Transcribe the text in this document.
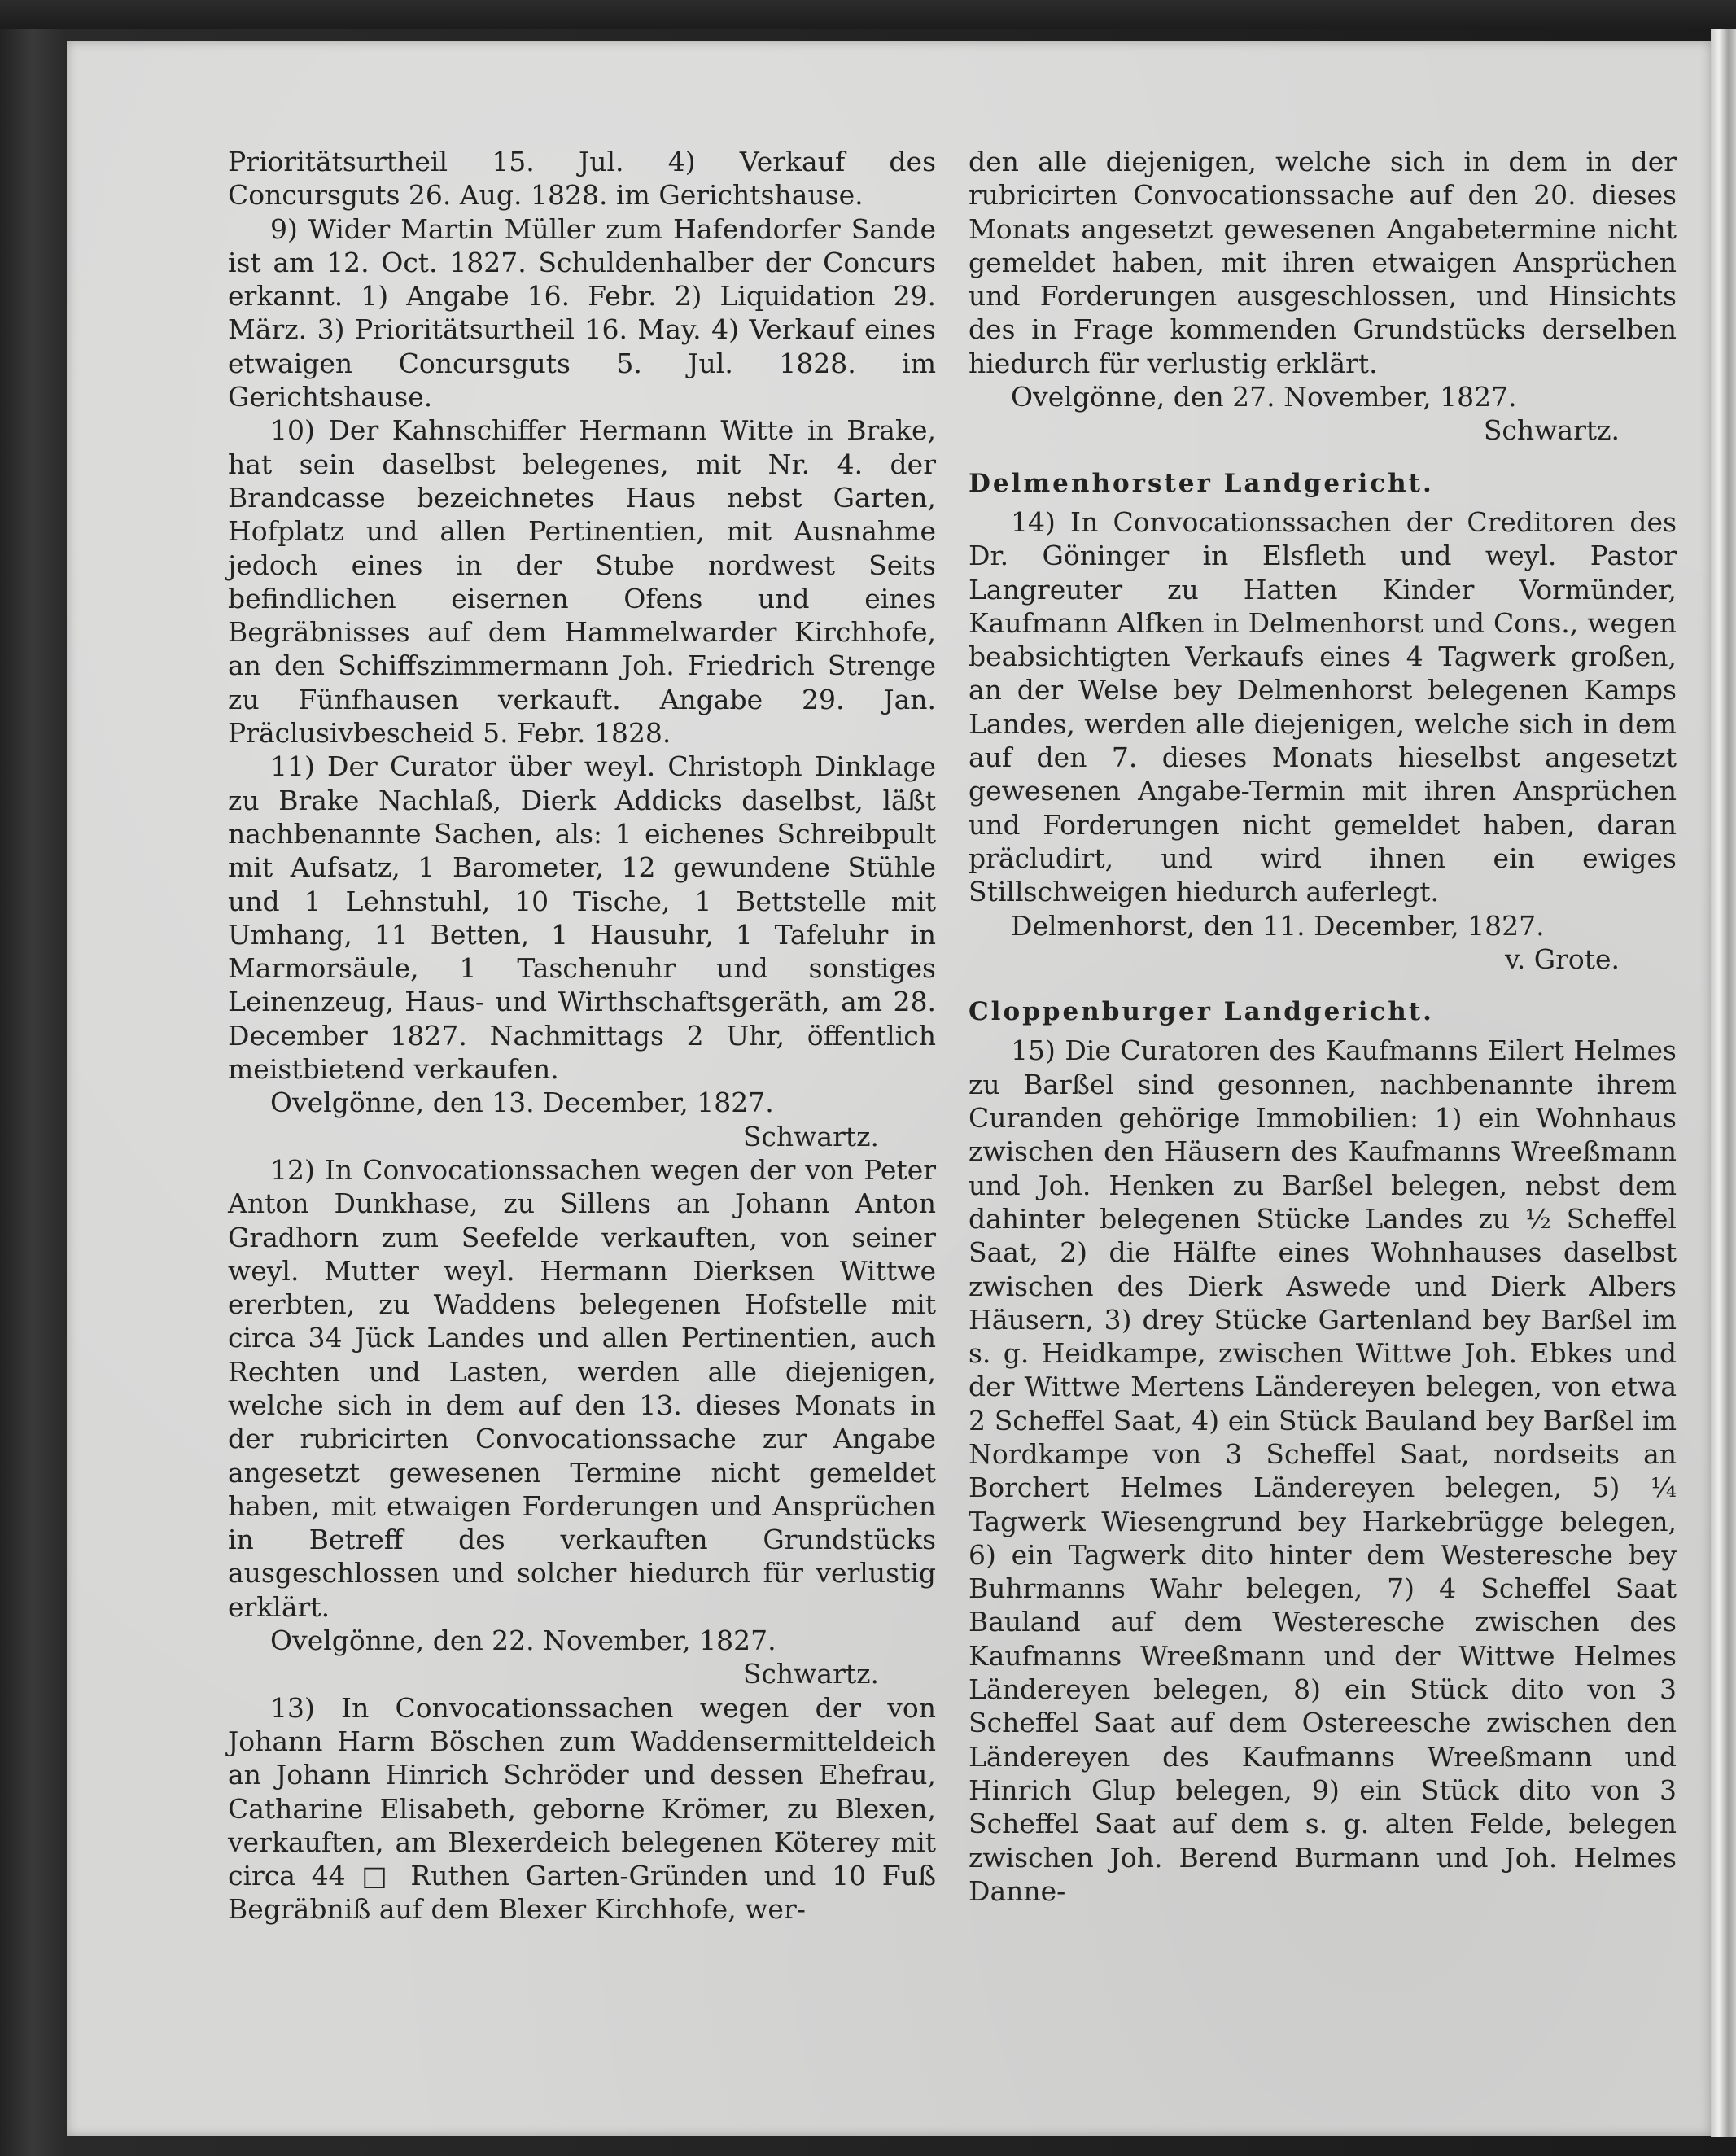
Prioritätsurtheil 15. Jul. 4) Verkauf des Concursguts 26. Aug. 1828. im Gerichtshause.

9) Wider Martin Müller zum Hafendorfer Sande ist am 12. Oct. 1827. Schuldenhalber der Concurs erkannt. 1) Angabe 16. Febr. 2) Liquidation 29. März. 3) Prioritätsurtheil 16. May. 4) Verkauf eines etwaigen Concursguts 5. Jul. 1828. im Gerichtshause.

10) Der Kahnschiffer Hermann Witte in Brake, hat sein daselbst belegenes, mit Nr. 4. der Brandcasse bezeichnetes Haus nebst Garten, Hofplatz und allen Pertinentien, mit Ausnahme jedoch eines in der Stube nordwest Seits befindlichen eisernen Ofens und eines Begräbnisses auf dem Hammelwarder Kirchhofe, an den Schiffszimmermann Joh. Friedrich Strenge zu Fünfhausen verkauft. Angabe 29. Jan. Präclusivbescheid 5. Febr. 1828.

11) Der Curator über weyl. Christoph Dinklage zu Brake Nachlaß, Dierk Addicks daselbst, läßt nachbenannte Sachen, als: 1 eichenes Schreibpult mit Aufsatz, 1 Barometer, 12 gewundene Stühle und 1 Lehnstuhl, 10 Tische, 1 Bettstelle mit Umhang, 11 Betten, 1 Hausuhr, 1 Tafeluhr in Marmorsäule, 1 Taschenuhr und sonstiges Leinenzeug, Haus- und Wirthschaftsgeräth, am 28. December 1827. Nachmittags 2 Uhr, öffentlich meistbietend verkaufen.

Ovelgönne, den 13. December, 1827.
Schwartz.

12) In Convocationssachen wegen der von Peter Anton Dunkhase, zu Sillens an Johann Anton Gradhorn zum Seefelde verkauften, von seiner weyl. Mutter weyl. Hermann Dierksen Wittwe ererbten, zu Waddens belegenen Hofstelle mit circa 34 Jück Landes und allen Pertinentien, auch Rechten und Lasten, werden alle diejenigen, welche sich in dem auf den 13. dieses Monats in der rubricirten Convocationssache zur Angabe angesetzt gewesenen Termine nicht gemeldet haben, mit etwaigen Forderungen und Ansprüchen in Betreff des verkauften Grundstücks ausgeschlossen und solcher hiedurch für verlustig erklärt.

Ovelgönne, den 22. November, 1827.
Schwartz.

13) In Convocationssachen wegen der von Johann Harm Böschen zum Waddensermitteldeich an Johann Hinrich Schröder und dessen Ehefrau, Catharine Elisabeth, geborne Krömer, zu Blexen, verkauften, am Blexerdeich belegenen Köterey mit circa 44 □ Ruthen Garten-Gründen und 10 Fuß Begräbniß auf dem Blexer Kirchhofe, wer-

den alle diejenigen, welche sich in dem in der rubricirten Convocationssache auf den 20. dieses Monats angesetzt gewesenen Angabetermine nicht gemeldet haben, mit ihren etwaigen Ansprüchen und Forderungen ausgeschlossen, und Hinsichts des in Frage kommenden Grundstücks derselben hiedurch für verlustig erklärt.

Ovelgönne, den 27. November, 1827.
Schwartz.
Delmenhorster Landgericht.

14) In Convocationssachen der Creditoren des Dr. Göninger in Elsfleth und weyl. Pastor Langreuter zu Hatten Kinder Vormünder, Kaufmann Alfken in Delmenhorst und Cons., wegen beabsichtigten Verkaufs eines 4 Tagwerk großen, an der Welse bey Delmenhorst belegenen Kamps Landes, werden alle diejenigen, welche sich in dem auf den 7. dieses Monats hieselbst angesetzt gewesenen Angabe-Termin mit ihren Ansprüchen und Forderungen nicht gemeldet haben, daran präcludirt, und wird ihnen ein ewiges Stillschweigen hiedurch auferlegt.

Delmenhorst, den 11. December, 1827.
v. Grote.
Cloppenburger Landgericht.

15) Die Curatoren des Kaufmanns Eilert Helmes zu Barßel sind gesonnen, nachbenannte ihrem Curanden gehörige Immobilien: 1) ein Wohnhaus zwischen den Häusern des Kaufmanns Wreeßmann und Joh. Henken zu Barßel belegen, nebst dem dahinter belegenen Stücke Landes zu ½ Scheffel Saat, 2) die Hälfte eines Wohnhauses daselbst zwischen des Dierk Aswede und Dierk Albers Häusern, 3) drey Stücke Gartenland bey Barßel im s. g. Heidkampe, zwischen Wittwe Joh. Ebkes und der Wittwe Mertens Ländereyen belegen, von etwa 2 Scheffel Saat, 4) ein Stück Bauland bey Barßel im Nordkampe von 3 Scheffel Saat, nordseits an Borchert Helmes Ländereyen belegen, 5) ¼ Tagwerk Wiesengrund bey Harkebrügge belegen, 6) ein Tagwerk dito hinter dem Westeresche bey Buhrmanns Wahr belegen, 7) 4 Scheffel Saat Bauland auf dem Westeresche zwischen des Kaufmanns Wreeßmann und der Wittwe Helmes Ländereyen belegen, 8) ein Stück dito von 3 Scheffel Saat auf dem Ostereesche zwischen den Ländereyen des Kaufmanns Wreeßmann und Hinrich Glup belegen, 9) ein Stück dito von 3 Scheffel Saat auf dem s. g. alten Felde, belegen zwischen Joh. Berend Burmann und Joh. Helmes Danne-
